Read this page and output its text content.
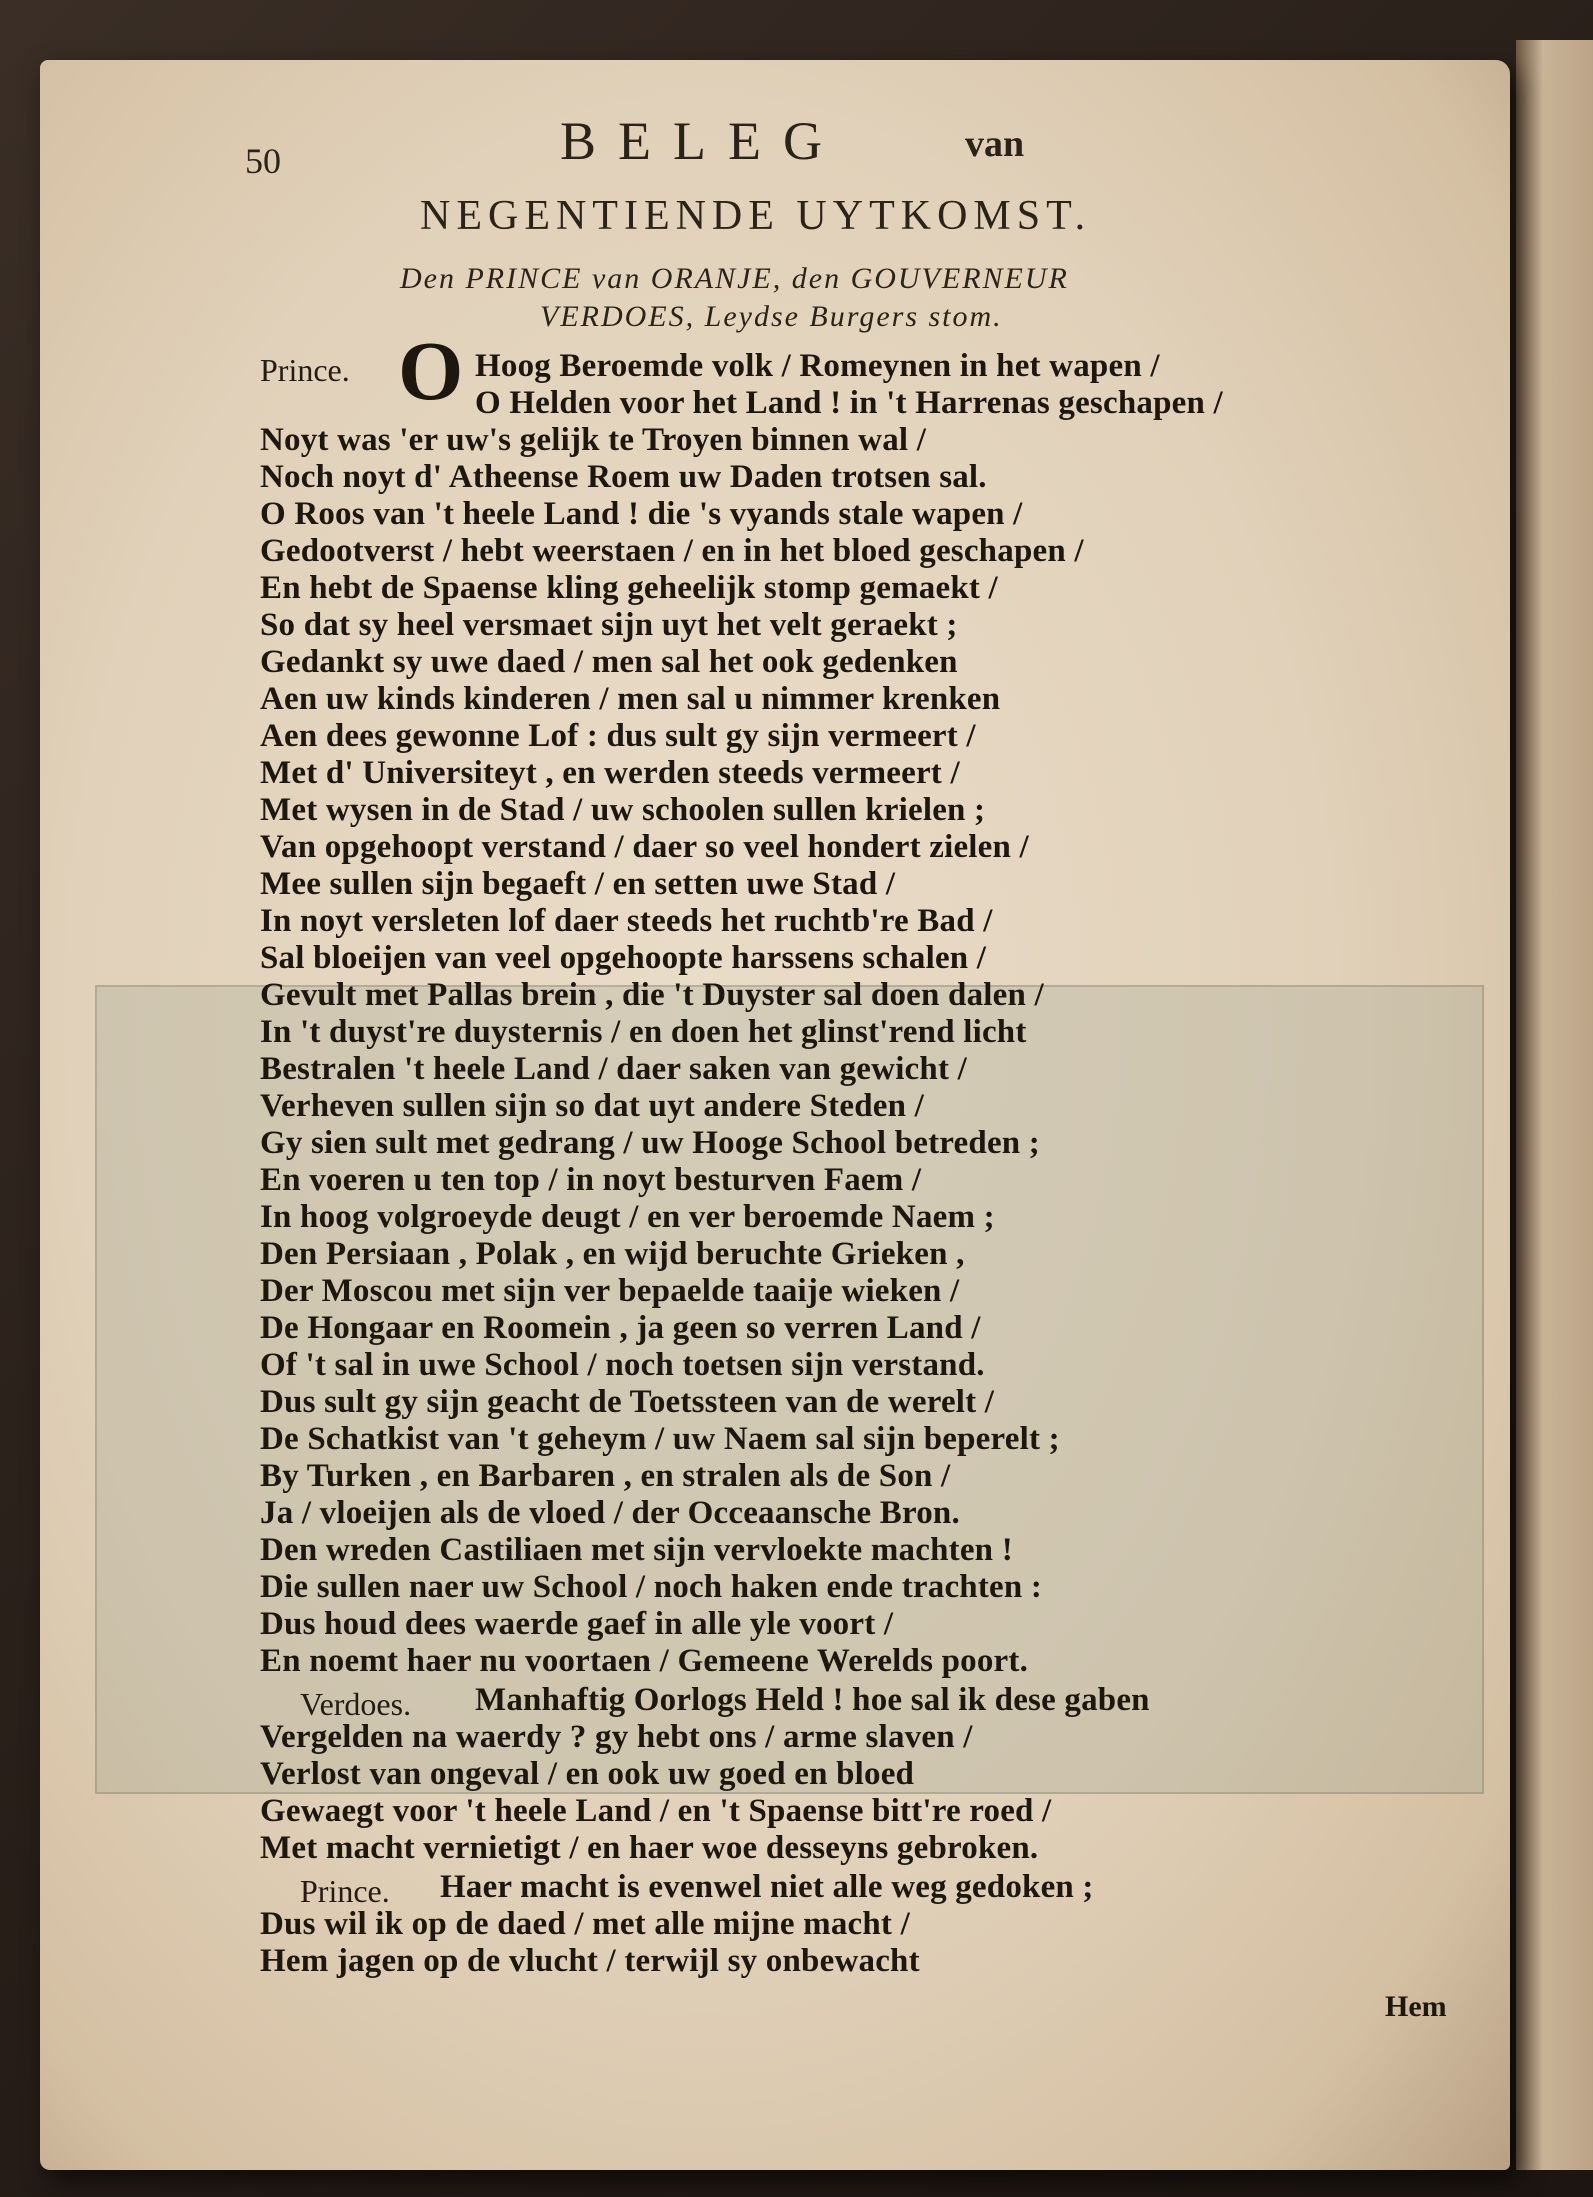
50	BELEG	van
NEGENTIENDE UYTKOMST.
Den PRINCE van ORANJE, den GOUVERNEUR
VERDOES, Leydse Burgers stom.
Prince. O Hoog Beroemde volk / Romeynen in het wapen /
O Helden voor het Land ! in 't Harrenas geschapen /
Noyt was 'er uw's gelijk te Troyen binnen wal /
Noch noyt d' Atheense Roem uw Daden trotsen sal.
O Roos van 't heele Land ! die 's vyands stale wapen /
Gedootverst / hebt weerstaen / en in het bloed geschapen /
En hebt de Spaense kling geheelijk stomp gemaekt /
So dat sy heel versmaet sijn uyt het velt geraekt ;
Gedankt sy uwe daed / men sal het ook gedenken
Aen uw kinds kinderen / men sal u nimmer krenken
Aen dees gewonne Lof : dus sult gy sijn vermeert /
Met d' Universiteyt , en werden steeds vermeert /
Met wysen in de Stad / uw schoolen sullen krielen ;
Van opgehoopt verstand / daer so veel hondert zielen /
Mee sullen sijn begaeft / en setten uwe Stad /
In noyt versleten lof daer steeds het ruchtb're Bad /
Sal bloeijen van veel opgehoopte harssens schalen /
Gevult met Pallas brein , die 't Duyster sal doen dalen /
In 't duyst're duysternis / en doen het glinst'rend licht
Bestralen 't heele Land / daer saken van gewicht /
Verheven sullen sijn so dat uyt andere Steden /
Gy sien sult met gedrang / uw Hooge School betreden ;
En voeren u ten top / in noyt besturven Faem /
In hoog volgroeyde deugt / en ver beroemde Naem ;
Den Persiaan , Polak , en wijd beruchte Grieken ,
Der Moscou met sijn ver bepaelde taaije wieken /
De Hongaar en Roomein , ja geen so verren Land /
Of 't sal in uwe School / noch toetsen sijn verstand.
Dus sult gy sijn geacht de Toetssteen van de werelt /
De Schatkist van 't geheym / uw Naem sal sijn beperelt ;
By Turken , en Barbaren , en stralen als de Son /
Ja / vloeijen als de vloed / der Occeaansche Bron.
Den wreden Castiliaen met sijn vervloekte machten !
Die sullen naer uw School / noch haken ende trachten :
Dus houd dees waerde gaef in alle yle voort /
En noemt haer nu voortaen / Gemeene Werelds poort.
Verdoes. Manhaftig Oorlogs Held ! hoe sal ik dese gaben
Vergelden na waerdy ? gy hebt ons / arme slaven /
Verlost van ongeval / en ook uw goed en bloed
Gewaegt voor 't heele Land / en 't Spaense bitt're roed /
Met macht vernietigt / en haer woe desseyns gebroken.
Prince. Haer macht is evenwel niet alle weg gedoken ;
Dus wil ik op de daed / met alle mijne macht /
Hem jagen op de vlucht / terwijl sy onbewacht
Hem
